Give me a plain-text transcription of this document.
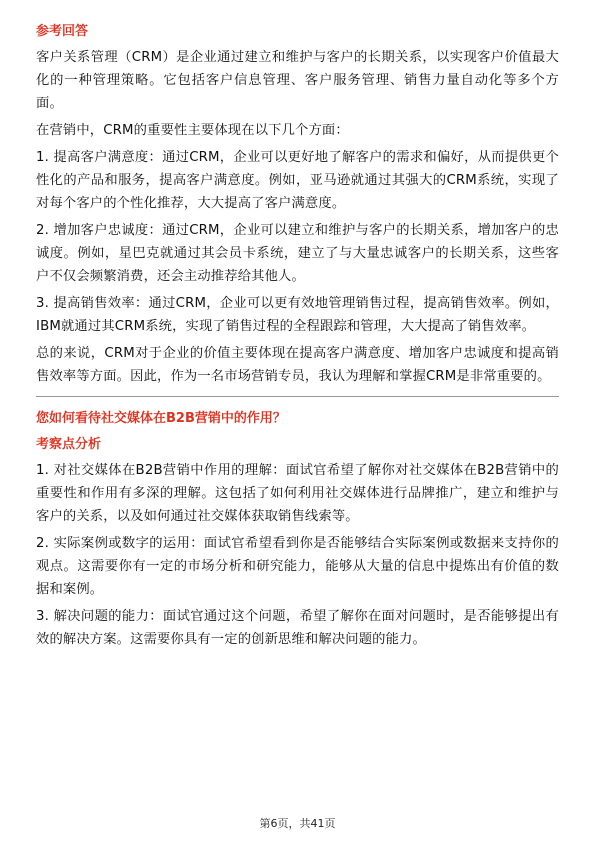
参考回答

客户关系管理（CRM）是企业通过建立和维护与客户的长期关系，以实现客户价值最大化的一种管理策略。它包括客户信息管理、客户服务管理、销售力量自动化等多个方面。

在营销中，CRM的重要性主要体现在以下几个方面：

1. 提高客户满意度：通过CRM，企业可以更好地了解客户的需求和偏好，从而提供更个性化的产品和服务，提高客户满意度。例如，亚马逊就通过其强大的CRM系统，实现了对每个客户的个性化推荐，大大提高了客户满意度。

2. 增加客户忠诚度：通过CRM，企业可以建立和维护与客户的长期关系，增加客户的忠诚度。例如，星巴克就通过其会员卡系统，建立了与大量忠诚客户的长期关系，这些客户不仅会频繁消费，还会主动推荐给其他人。

3. 提高销售效率：通过CRM，企业可以更有效地管理销售过程，提高销售效率。例如，IBM就通过其CRM系统，实现了销售过程的全程跟踪和管理，大大提高了销售效率。

总的来说，CRM对于企业的价值主要体现在提高客户满意度、增加客户忠诚度和提高销售效率等方面。因此，作为一名市场营销专员，我认为理解和掌握CRM是非常重要的。

您如何看待社交媒体在B2B营销中的作用？
考察点分析

1. 对社交媒体在B2B营销中作用的理解：面试官希望了解你对社交媒体在B2B营销中的重要性和作用有多深的理解。这包括了如何利用社交媒体进行品牌推广，建立和维护与客户的关系，以及如何通过社交媒体获取销售线索等。

2. 实际案例或数字的运用：面试官希望看到你是否能够结合实际案例或数据来支持你的观点。这需要你有一定的市场分析和研究能力，能够从大量的信息中提炼出有价值的数据和案例。

3. 解决问题的能力：面试官通过这个问题，希望了解你在面对问题时，是否能够提出有效的解决方案。这需要你具有一定的创新思维和解决问题的能力。

第6页，共41页
